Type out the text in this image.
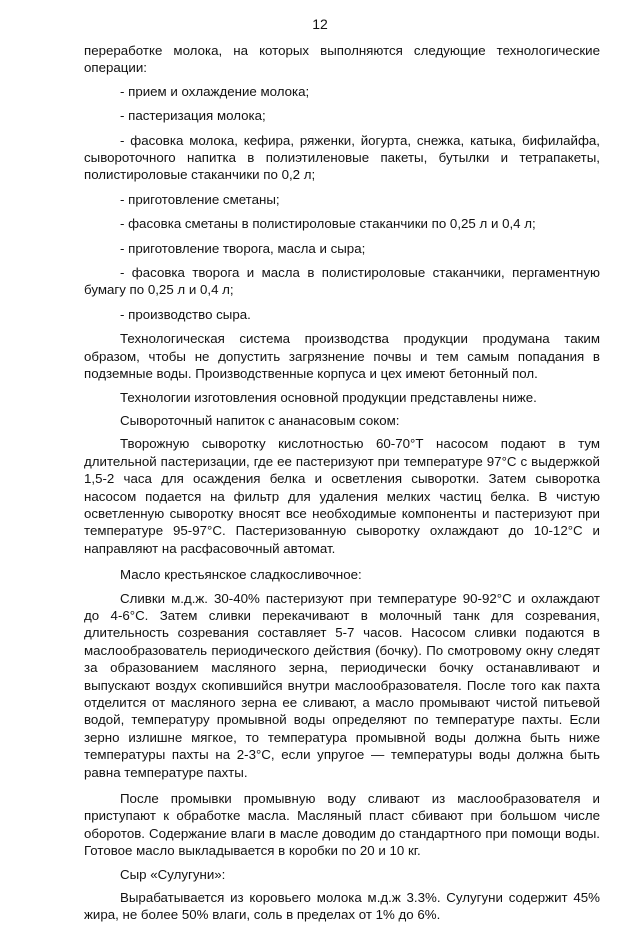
12

переработке молока, на которых выполняются следующие технологические операции:

- прием и охлаждение молока;

- пастеризация молока;

- фасовка молока, кефира, ряженки, йогурта, снежка, катыка, бифилайфа, сывороточного напитка в полиэтиленовые пакеты, бутылки и тетрапакеты, полистироловые стаканчики по 0,2 л;

- приготовление сметаны;

- фасовка сметаны в полистироловые стаканчики по 0,25 л и 0,4 л;

- приготовление творога, масла и сыра;

- фасовка творога и масла в полистироловые стаканчики, пергаментную бумагу по 0,25 л и 0,4 л;

- производство сыра.

Технологическая система производства продукции продумана таким образом, чтобы не допустить загрязнение почвы и тем самым попадания в подземные воды. Производственные корпуса и цех имеют бетонный пол.

Технологии изготовления основной продукции представлены ниже.

Сывороточный напиток с ананасовым соком:

Творожную сыворотку кислотностью 60-70°Т насосом подают в тум длительной пастеризации, где ее пастеризуют при температуре 97°С с выдержкой 1,5-2 часа для осаждения белка и осветления сыворотки. Затем сыворотка насосом подается на фильтр для удаления мелких частиц белка. В чистую осветленную сыворотку вносят все необходимые компоненты и пастеризуют при температуре 95-97°С. Пастеризованную сыворотку охлаждают до 10-12°С и направляют на расфасовочный автомат.

Масло крестьянское сладкосливочное:

Сливки м.д.ж. 30-40% пастеризуют при температуре 90-92°С и охлаждают до 4-6°С. Затем сливки перекачивают в молочный танк для созревания, длительность созревания составляет 5-7 часов. Насосом сливки подаются в маслообразователь периодического действия (бочку). По смотровому окну следят за образованием масляного зерна, периодически бочку останавливают и выпускают воздух скопившийся внутри маслообразователя. После того как пахта отделится от масляного зерна ее сливают, а масло промывают чистой питьевой водой, температуру промывной воды определяют по температуре пахты. Если зерно излишне мягкое, то температура промывной воды должна быть ниже температуры пахты на 2-3°С, если упругое — температуры воды должна быть равна температуре пахты.

После промывки промывную воду сливают из маслообразователя и приступают к обработке масла. Масляный пласт сбивают при большом числе оборотов. Содержание влаги в масле доводим до стандартного при помощи воды. Готовое масло выкладывается в коробки по 20 и 10 кг.

Сыр «Сулугуни»:

Вырабатывается из коровьего молока м.д.ж 3.3%. Сулугуни содержит 45% жира, не более 50% влаги, соль в пределах от 1% до 6%.
